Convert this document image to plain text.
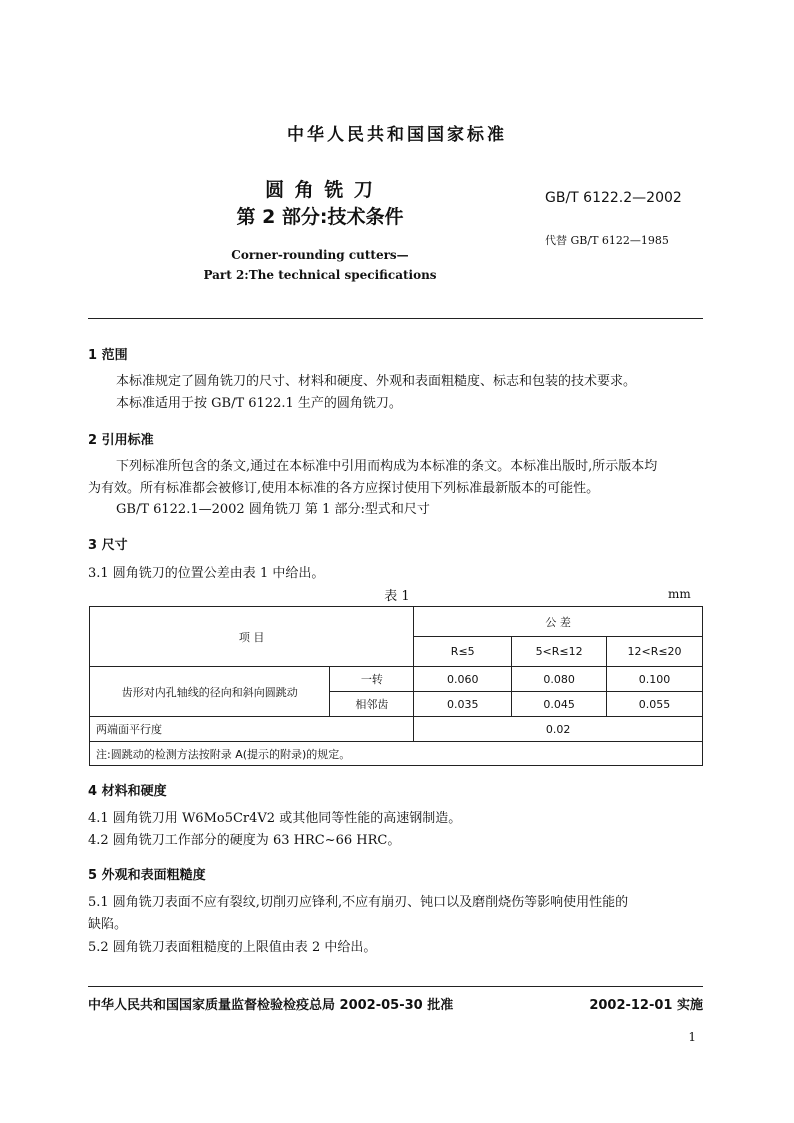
中华人民共和国国家标准
圆 角 铣 刀
第 2 部分:技术条件
Corner-rounding cutters—
Part 2:The technical specifications
GB/T 6122.2—2002
代替 GB/T 6122—1985
1 范围
本标准规定了圆角铣刀的尺寸、材料和硬度、外观和表面粗糙度、标志和包装的技术要求。
本标准适用于按 GB/T 6122.1 生产的圆角铣刀。
2 引用标准
下列标准所包含的条文,通过在本标准中引用而构成为本标准的条文。本标准出版时,所示版本均
为有效。所有标准都会被修订,使用本标准的各方应探讨使用下列标准最新版本的可能性。
GB/T 6122.1—2002 圆角铣刀 第 1 部分:型式和尺寸
3 尺寸
3.1 圆角铣刀的位置公差由表 1 中给出。
表 1	mm
项 目		公 差		
		R≤5	5<R≤12	12<R≤20
齿形对内孔轴线的径向和斜向圆跳动	一转	0.060	0.080	0.100
	相邻齿	0.035	0.045	0.055
两端面平行度		0.02		
注:圆跳动的检测方法按附录 A(提示的附录)的规定。				
4 材料和硬度
4.1 圆角铣刀用 W6Mo5Cr4V2 或其他同等性能的高速钢制造。
4.2 圆角铣刀工作部分的硬度为 63 HRC~66 HRC。
5 外观和表面粗糙度
5.1 圆角铣刀表面不应有裂纹,切削刃应锋利,不应有崩刃、钝口以及磨削烧伤等影响使用性能的
缺陷。
5.2 圆角铣刀表面粗糙度的上限值由表 2 中给出。
中华人民共和国国家质量监督检验检疫总局 2002-05-30 批准	2002-12-01 实施
1
